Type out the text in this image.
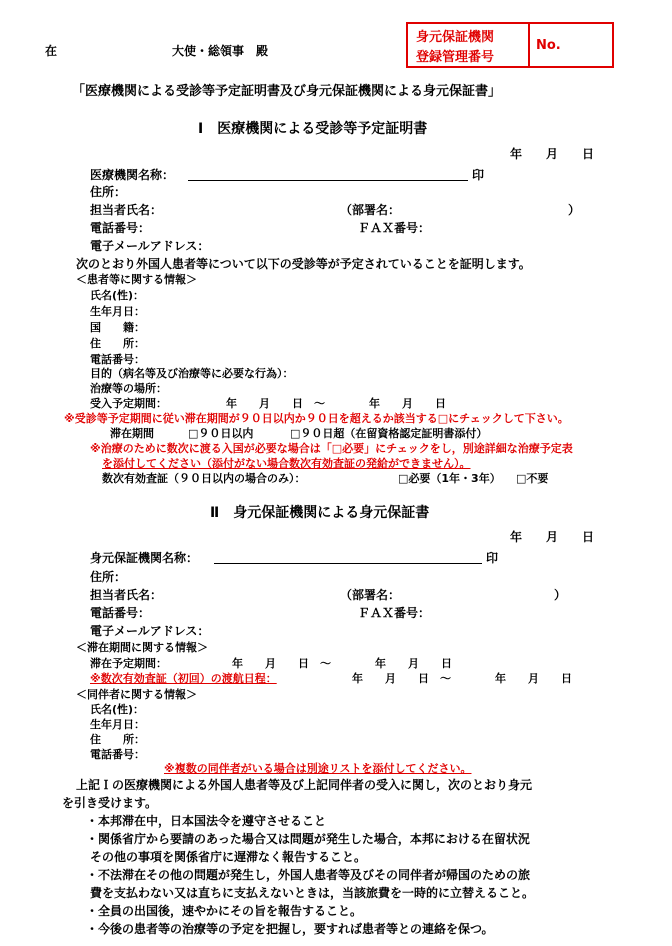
在	大使・総領事　殿
身元保証機関
登録管理番号
No.
「医療機関による受診等予定証明書及び身元保証機関による身元保証書」
Ⅰ　医療機関による受診等予定証明書
年　　月　　日
医療機関名称：	印
住所：
担当者氏名：	（部署名：	）
電話番号：	ＦＡＸ番号：
電子メールアドレス：
次のとおり外国人患者等について以下の受診等が予定されていることを証明します。
＜患者等に関する情報＞
氏名(性)：
生年月日：
国　　籍：
住　　所：
電話番号：
目的（病名等及び治療等に必要な行為）：
治療等の場所：
受入予定期間：	年　　月　　日　～　　　　年　　月　　日
※受診等予定期間に従い滞在期間が９０日以内か９０日を超えるか該当する□にチェックして下さい。
滞在期間	□９０日以内	□９０日超（在留資格認定証明書添付）
※治療のために数次に渡る入国が必要な場合は「□必要」にチェックをし，別途詳細な治療予定表
を添付してください（添付がない場合数次有効査証の発給ができません）。
数次有効査証（９０日以内の場合のみ）：	□必要（1年・3年） □不要
Ⅱ　身元保証機関による身元保証書
年　　月　　日
身元保証機関名称：	印
住所：
担当者氏名：	（部署名：	）
電話番号：	ＦＡＸ番号：
電子メールアドレス：
＜滞在期間に関する情報＞
滞在予定期間：	年　　月　　日　～　　　　年　　月　　日
※数次有効査証（初回）の渡航日程：	年　　月　　日　～　　　　年　　月　　日
＜同伴者に関する情報＞
氏名(性)：
生年月日：
住　　所：
電話番号：
※複数の同伴者がいる場合は別途リストを添付してください。
上記Ｉの医療機関による外国人患者等及び上記同伴者の受入に関し，次のとおり身元
を引き受けます。
・本邦滞在中，日本国法令を遵守させること
・関係省庁から要請のあった場合又は問題が発生した場合，本邦における在留状況
その他の事項を関係省庁に遅滞なく報告すること。
・不法滞在その他の問題が発生し，外国人患者等及びその同伴者が帰国のための旅
費を支払わない又は直ちに支払えないときは，当該旅費を一時的に立替えること。
・全員の出国後，速やかにその旨を報告すること。
・今後の患者等の治療等の予定を把握し，要すれば患者等との連絡を保つ。
